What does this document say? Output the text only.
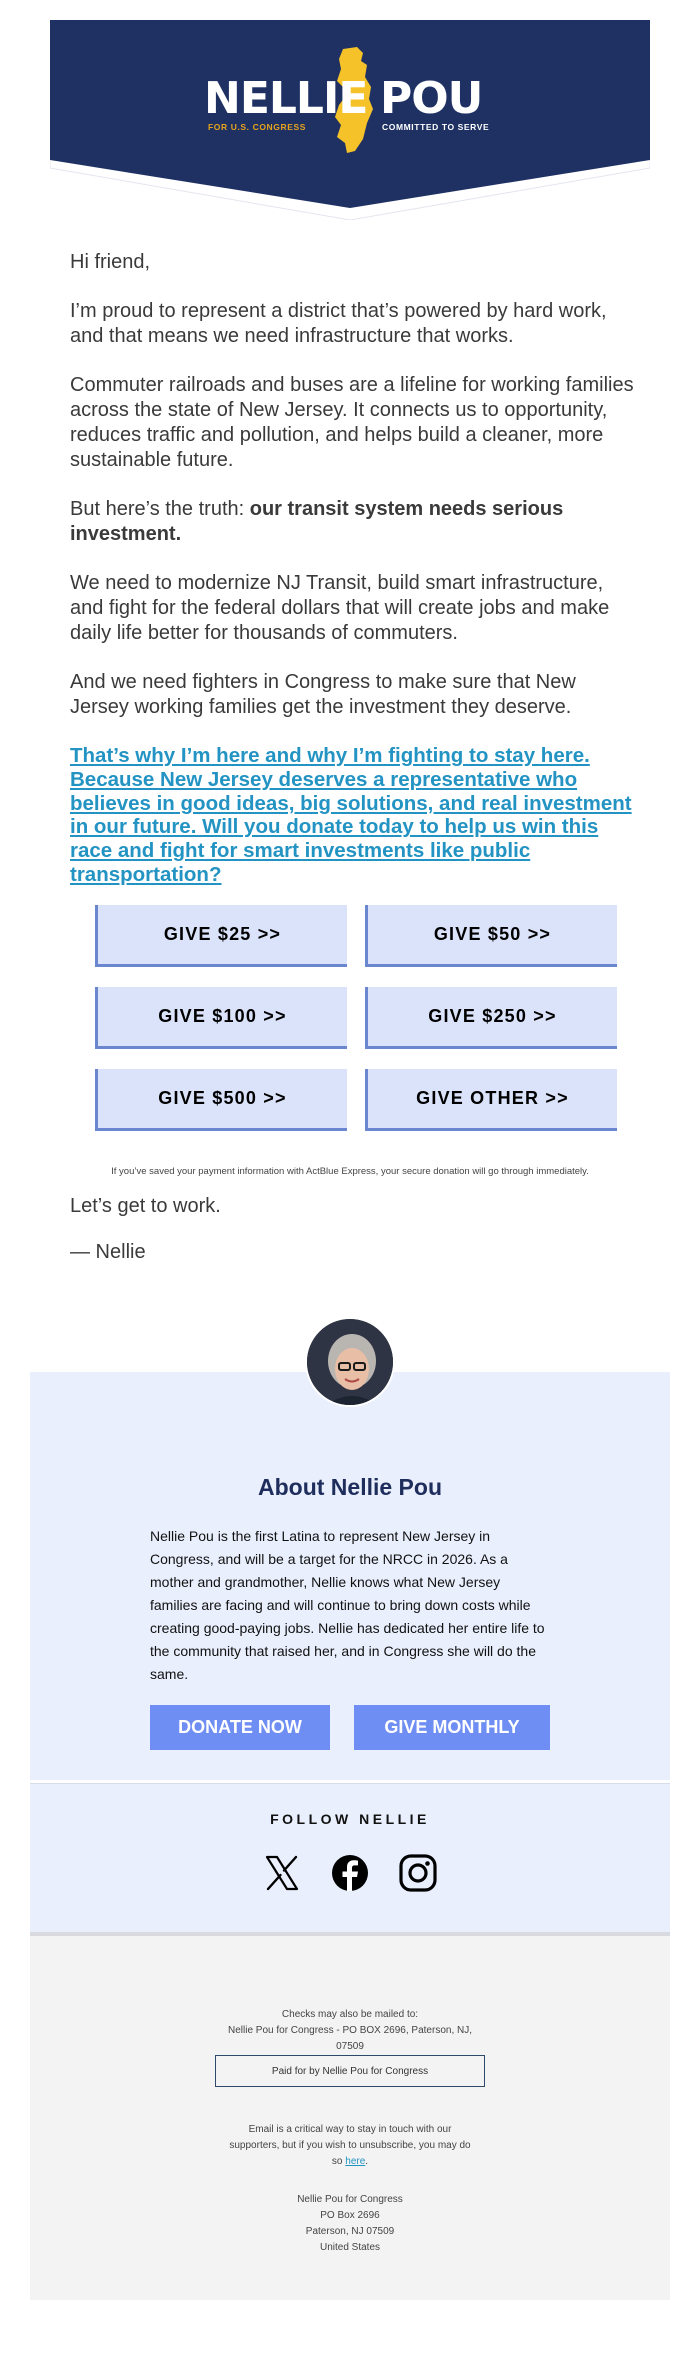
NELLIE POU
FOR U.S. CONGRESS	COMMITTED TO SERVE

Hi friend,

I’m proud to represent a district that’s powered by hard work, and that means we need infrastructure that works.

Commuter railroads and buses are a lifeline for working families across the state of New Jersey. It connects us to opportunity, reduces traffic and pollution, and helps build a cleaner, more sustainable future.

But here’s the truth: our transit system needs serious investment.

We need to modernize NJ Transit, build smart infrastructure, and fight for the federal dollars that will create jobs and make daily life better for thousands of commuters.

And we need fighters in Congress to make sure that New Jersey working families get the investment they deserve.

That’s why I’m here and why I’m fighting to stay here. Because New Jersey deserves a representative who believes in good ideas, big solutions, and real investment in our future. Will you donate today to help us win this race and fight for smart investments like public transportation?
GIVE $25 >>	GIVE $50 >>
GIVE $100 >>	GIVE $250 >>
GIVE $500 >>	GIVE OTHER >>
If you’ve saved your payment information with ActBlue Express, your secure donation will go through immediately.
Let’s get to work.
— Nellie
About Nellie Pou
Nellie Pou is the first Latina to represent New Jersey in Congress, and will be a target for the NRCC in 2026. As a mother and grandmother, Nellie knows what New Jersey families are facing and will continue to bring down costs while creating good-paying jobs. Nellie has dedicated her entire life to the community that raised her, and in Congress she will do the same.
DONATE NOW	GIVE MONTHLY
FOLLOW NELLIE
Checks may also be mailed to:
Nellie Pou for Congress - PO BOX 2696, Paterson, NJ,
07509
Paid for by Nellie Pou for Congress
Email is a critical way to stay in touch with our
supporters, but if you wish to unsubscribe, you may do
so here.
Nellie Pou for Congress
PO Box 2696
Paterson, NJ 07509
United States
